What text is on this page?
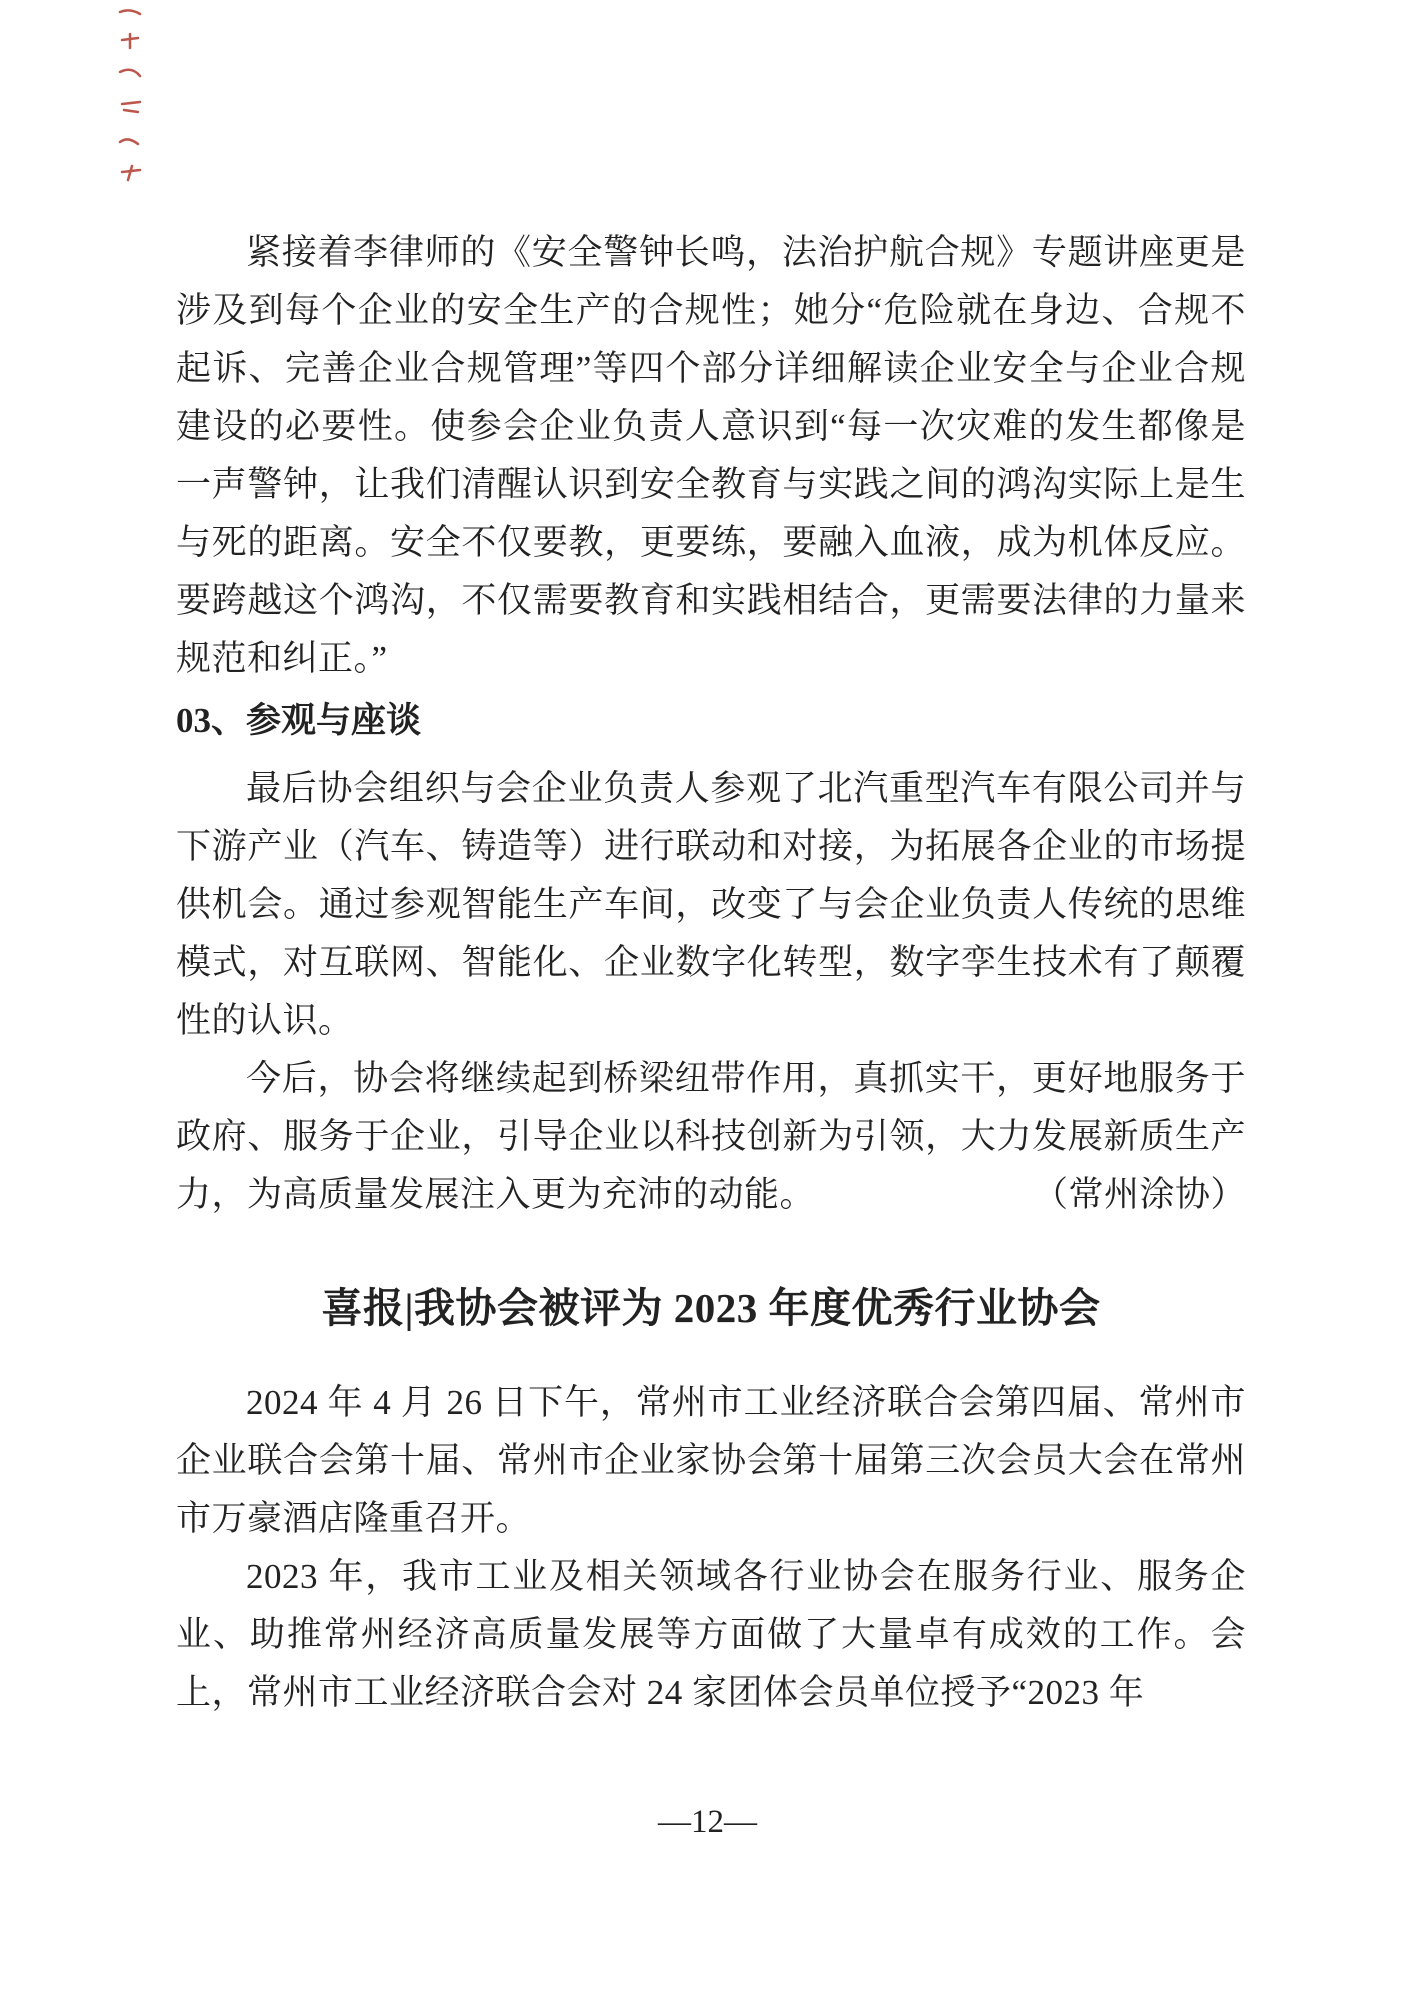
紧接着李律师的《安全警钟长鸣，法治护航合规》专题讲座更是涉及到每个企业的安全生产的合规性；她分“危险就在身边、合规不起诉、完善企业合规管理”等四个部分详细解读企业安全与企业合规建设的必要性。使参会企业负责人意识到“每一次灾难的发生都像是一声警钟，让我们清醒认识到安全教育与实践之间的鸿沟实际上是生与死的距离。安全不仅要教，更要练，要融入血液，成为机体反应。要跨越这个鸿沟，不仅需要教育和实践相结合，更需要法律的力量来规范和纠正。”

03、参观与座谈

最后协会组织与会企业负责人参观了北汽重型汽车有限公司并与下游产业（汽车、铸造等）进行联动和对接，为拓展各企业的市场提供机会。通过参观智能生产车间，改变了与会企业负责人传统的思维模式，对互联网、智能化、企业数字化转型，数字孪生技术有了颠覆性的认识。

今后，协会将继续起到桥梁纽带作用，真抓实干，更好地服务于政府、服务于企业，引导企业以科技创新为引领，大力发展新质生产力，为高质量发展注入更为充沛的动能。	（常州涂协）
喜报|我协会被评为 2023 年度优秀行业协会

2024 年 4 月 26 日下午，常州市工业经济联合会第四届、常州市企业联合会第十届、常州市企业家协会第十届第三次会员大会在常州市万豪酒店隆重召开。

2023 年，我市工业及相关领域各行业协会在服务行业、服务企业、助推常州经济高质量发展等方面做了大量卓有成效的工作。会上，常州市工业经济联合会对 24 家团体会员单位授予“2023 年

—12—
